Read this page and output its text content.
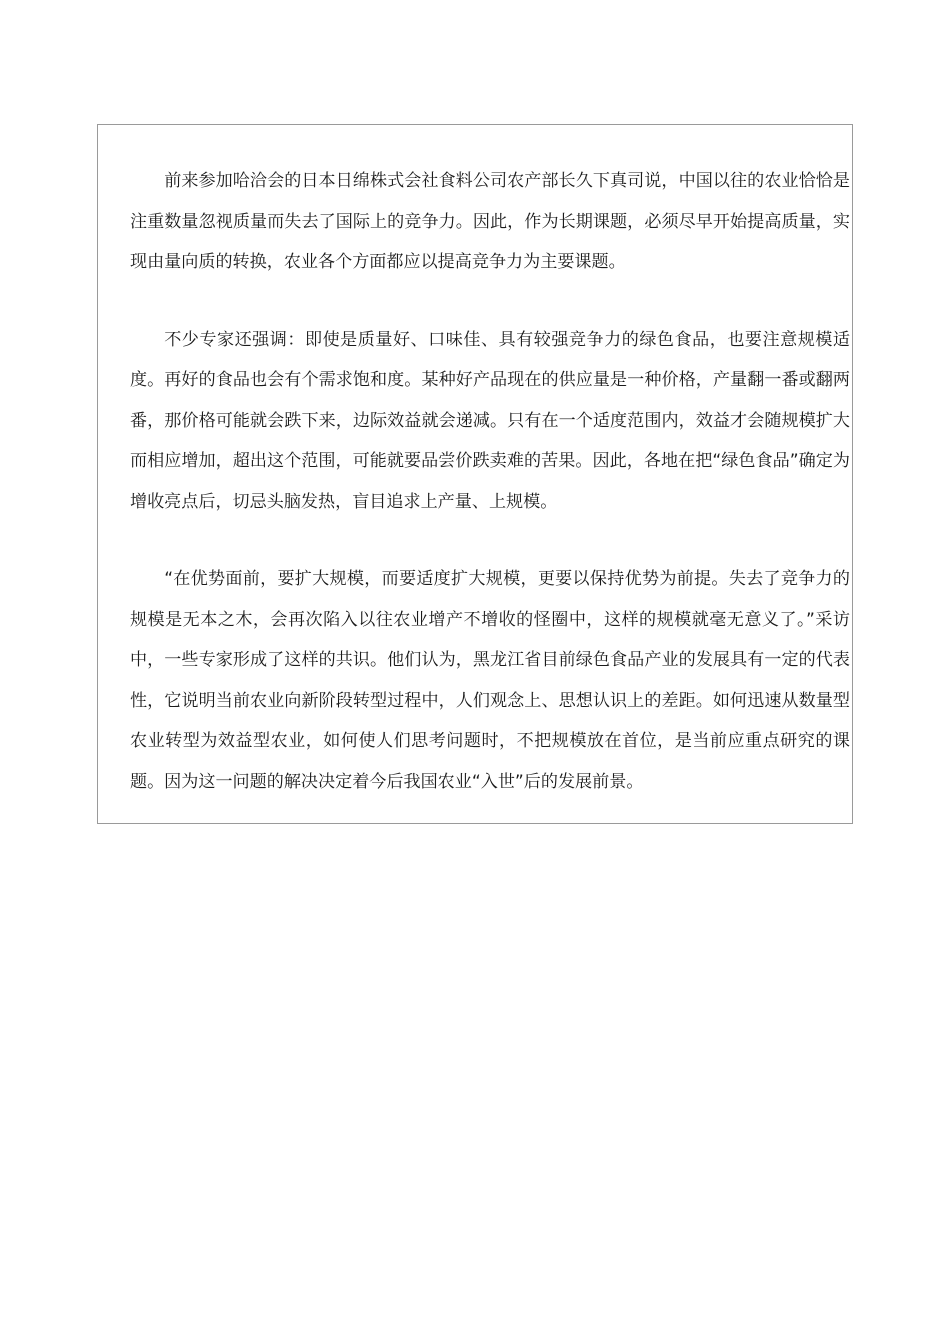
前来参加哈洽会的日本日绵株式会社食料公司农产部长久下真司说，中国以往的农业恰恰是注重数量忽视质量而失去了国际上的竞争力。因此，作为长期课题，必须尽早开始提高质量，实现由量向质的转换，农业各个方面都应以提高竞争力为主要课题。

不少专家还强调：即使是质量好、口味佳、具有较强竞争力的绿色食品，也要注意规模适度。再好的食品也会有个需求饱和度。某种好产品现在的供应量是一种价格，产量翻一番或翻两番，那价格可能就会跌下来，边际效益就会递减。只有在一个适度范围内，效益才会随规模扩大而相应增加，超出这个范围，可能就要品尝价跌卖难的苦果。因此，各地在把“绿色食品”确定为增收亮点后，切忌头脑发热，盲目追求上产量、上规模。

“在优势面前，要扩大规模，而要适度扩大规模，更要以保持优势为前提。失去了竞争力的规模是无本之木，会再次陷入以往农业增产不增收的怪圈中，这样的规模就毫无意义了。”采访中，一些专家形成了这样的共识。他们认为，黑龙江省目前绿色食品产业的发展具有一定的代表性，它说明当前农业向新阶段转型过程中，人们观念上、思想认识上的差距。如何迅速从数量型农业转型为效益型农业，如何使人们思考问题时，不把规模放在首位，是当前应重点研究的课题。因为这一问题的解决决定着今后我国农业“入世”后的发展前景。
